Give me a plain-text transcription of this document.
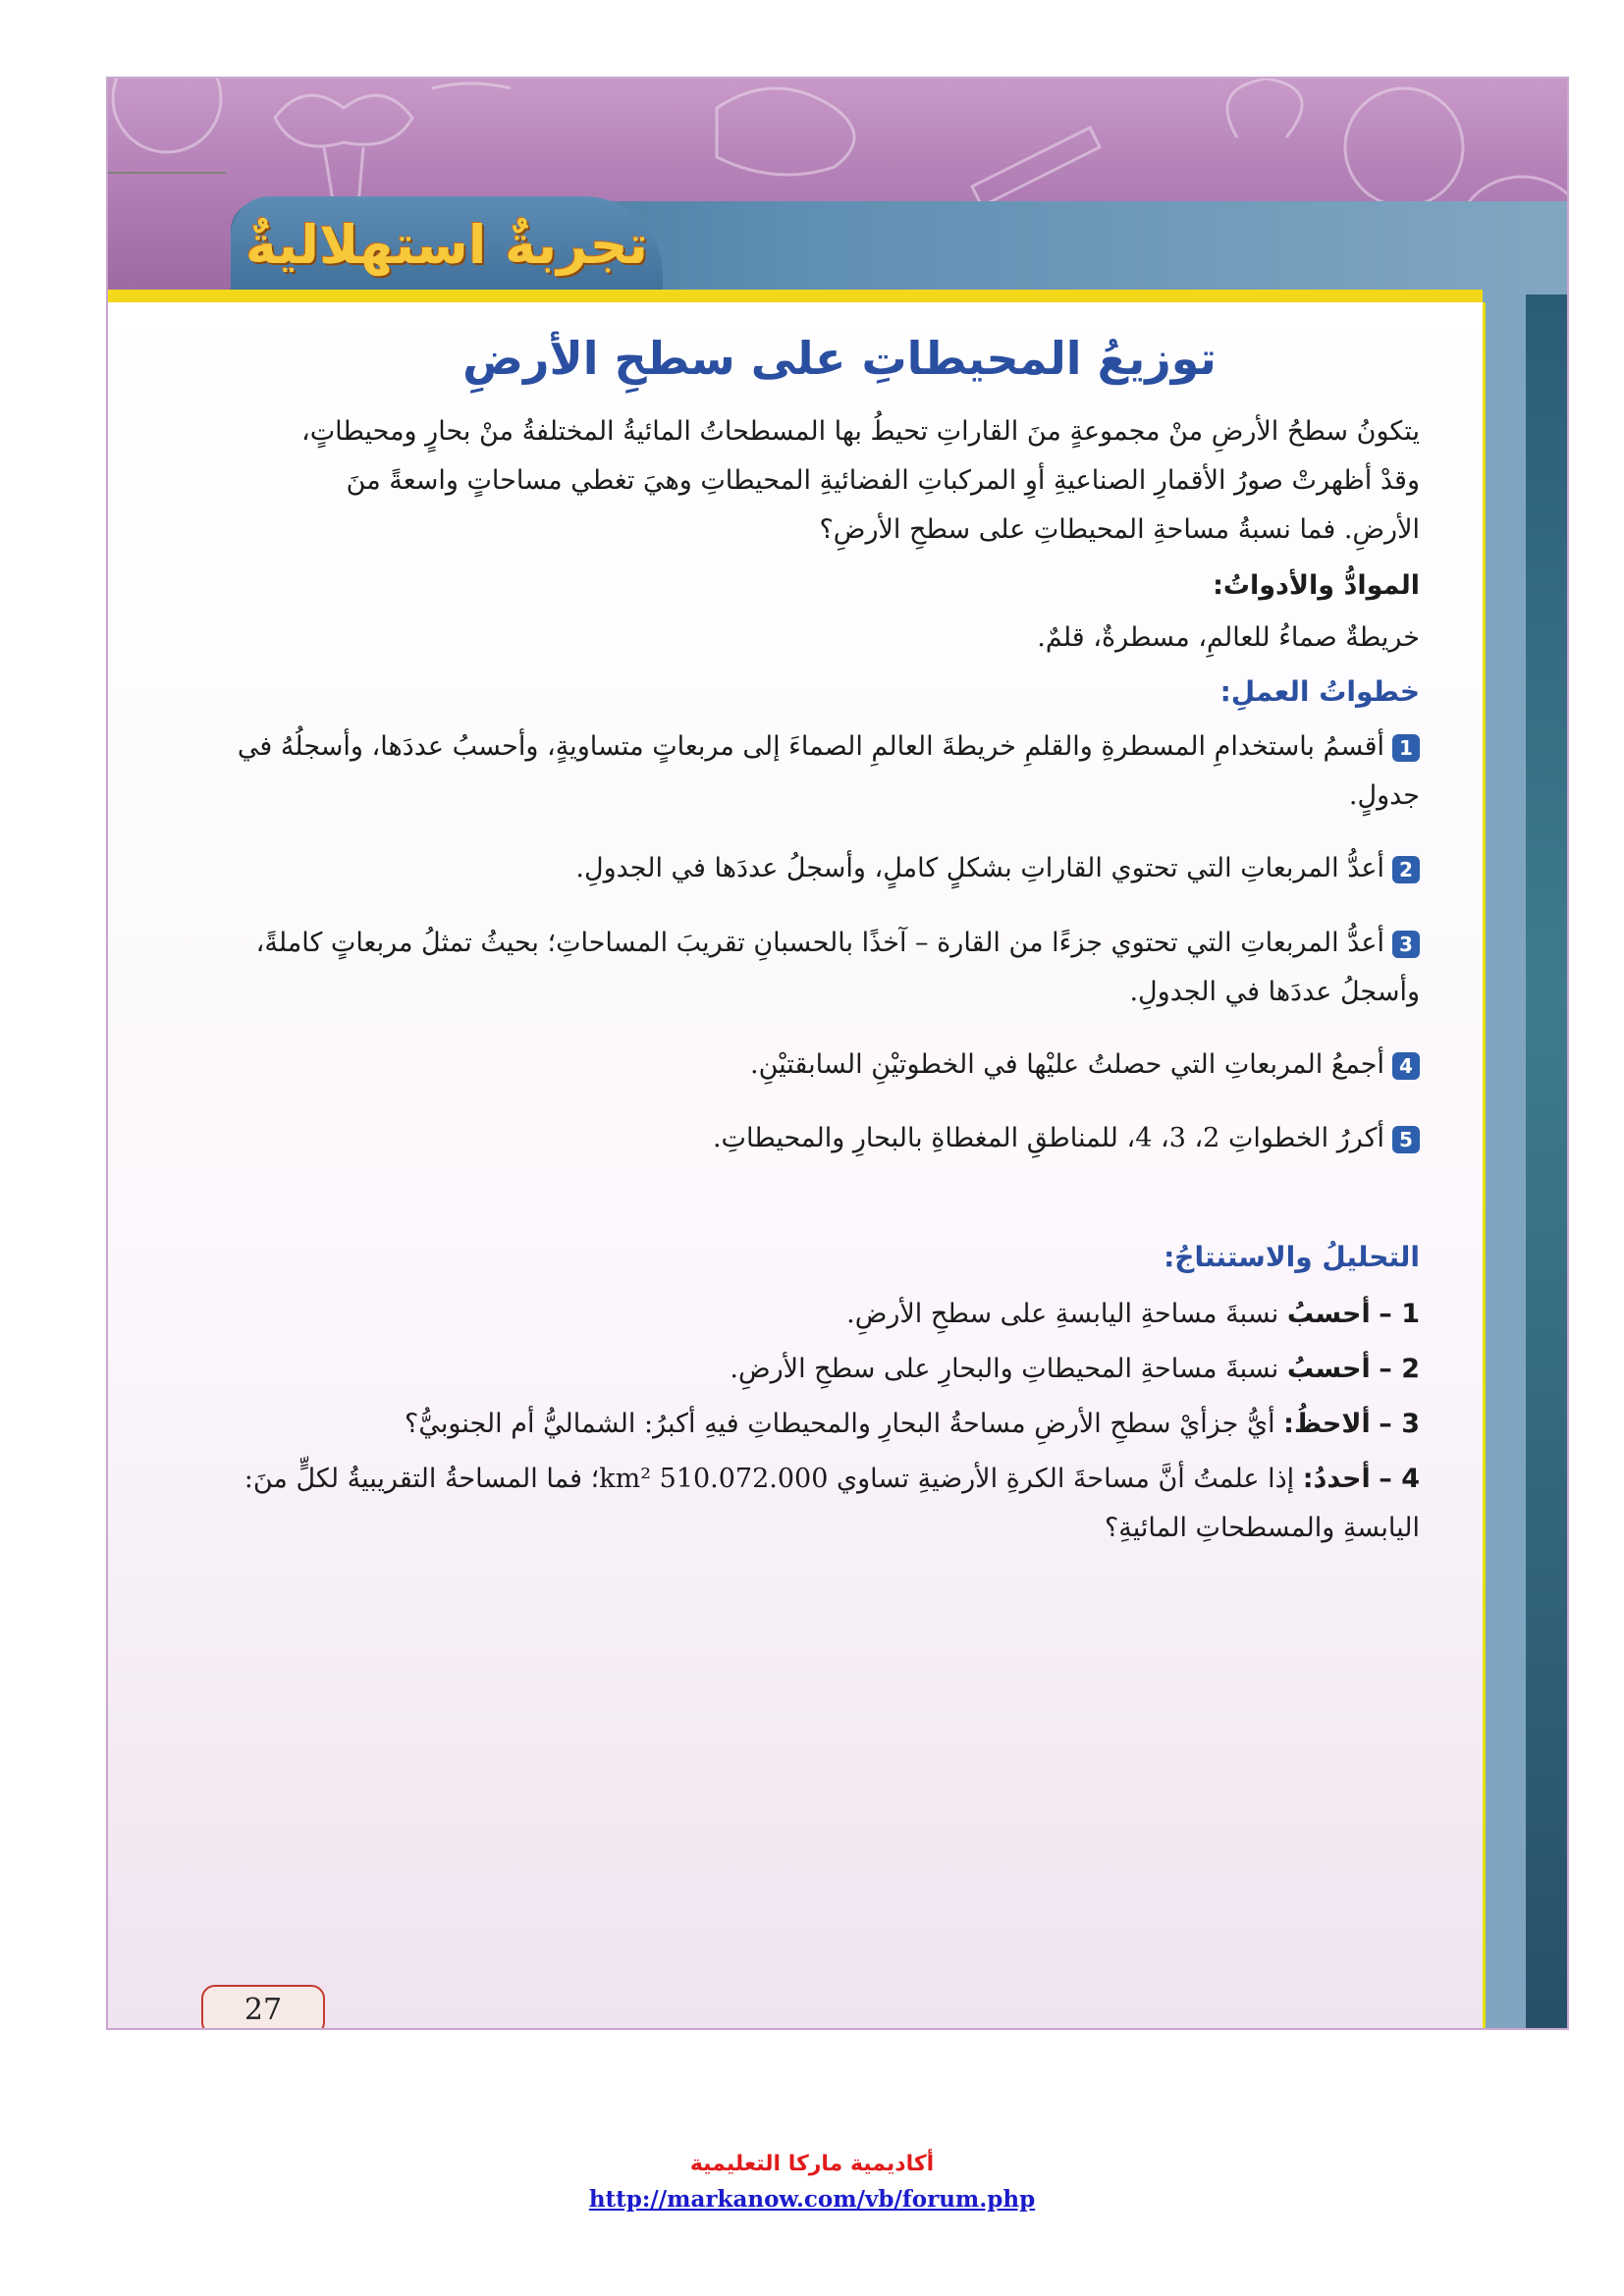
تجربةٌ استهلاليةٌ
توزيعُ المحيطاتِ على سطحِ الأرضِ
يتكونُ سطحُ الأرضِ منْ مجموعةٍ منَ القاراتِ تحيطُ بها المسطحاتُ المائيةُ المختلفةُ منْ بحارٍ ومحيطاتٍ، وقدْ أظهرتْ صورُ الأقمارِ الصناعيةِ أوِ المركباتِ الفضائيةِ المحيطاتِ وهيَ تغطي مساحاتٍ واسعةً منَ الأرضِ. فما نسبةُ مساحةِ المحيطاتِ على سطحِ الأرضِ؟
الموادُّ والأدواتُ:
خريطةٌ صماءُ للعالمِ، مسطرةٌ، قلمٌ.
خطواتُ العملِ:
1أقسمُ باستخدامِ المسطرةِ والقلمِ خريطةَ العالمِ الصماءَ إلى مربعاتٍ متساويةٍ، وأحسبُ عددَها، وأسجلُهُ في جدولٍ.
2أعدُّ المربعاتِ التي تحتوي القاراتِ بشكلٍ كاملٍ، وأسجلُ عددَها في الجدولِ.
3أعدُّ المربعاتِ التي تحتوي جزءًا من القارة – آخذًا بالحسبانِ تقريبَ المساحاتِ؛ بحيثُ تمثلُ مربعاتٍ كاملةً، وأسجلُ عددَها في الجدولِ.
4أجمعُ المربعاتِ التي حصلتُ عليْها في الخطوتيْنِ السابقتيْنِ.
5أكررُ الخطواتِ 2، 3، 4، للمناطقِ المغطاةِ بالبحارِ والمحيطاتِ.
التحليلُ والاستنتاجُ:
1 – أحسبُ نسبةَ مساحةِ اليابسةِ على سطحِ الأرضِ.
2 – أحسبُ نسبةَ مساحةِ المحيطاتِ والبحارِ على سطحِ الأرضِ.
3 – ألاحظُ: أيُّ جزأيْ سطحِ الأرضِ مساحةُ البحارِ والمحيطاتِ فيهِ أكبرُ: الشماليُّ أم الجنوبيُّ؟
4 – أحددُ: إذا علمتُ أنَّ مساحةَ الكرةِ الأرضيةِ تساوي 510.072.000 km²؛ فما المساحةُ التقريبيةُ لكلٍّ منَ: اليابسةِ والمسطحاتِ المائيةِ؟
27
أكاديمية ماركا التعليمية
http://markanow.com/vb/forum.php
